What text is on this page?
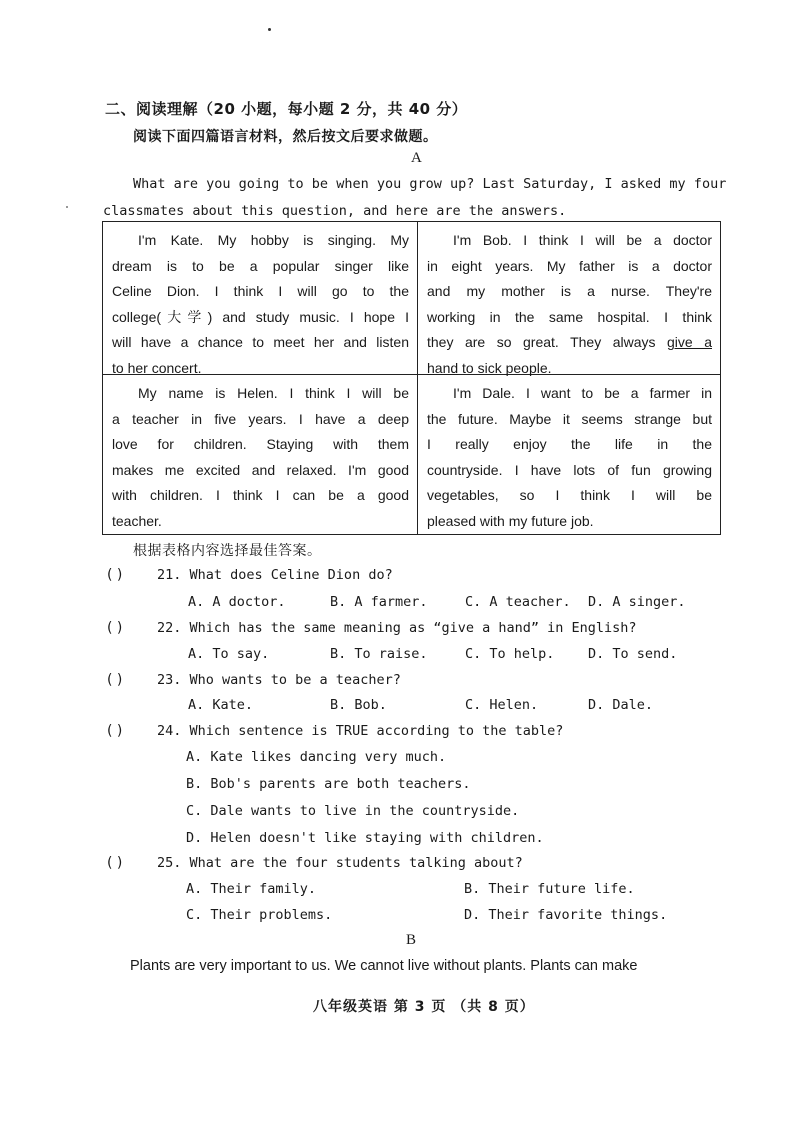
二、阅读理解（20 小题，每小题 2 分，共 40 分）
阅读下面四篇语言材料，然后按文后要求做题。
A
What are you going to be when you grow up? Last Saturday, I asked my four
classmates about this question, and here are the answers.
I'm Kate. My hobby is singing. My
dream is to be a popular singer like
Celine Dion. I think I will go to the
college(大学) and study music. I hope I
will have a chance to meet her and listen
to her concert.
I'm Bob. I think I will be a doctor
in eight years. My father is a doctor
and my mother is a nurse. They're
working in the same hospital. I think
they are so great. They always give a
hand to sick people.
My name is Helen. I think I will be
a teacher in five years. I have a deep
love for children. Staying with them
makes me excited and relaxed. I'm good
with children. I think I can be a good
teacher.
I'm Dale. I want to be a farmer in
the future. Maybe it seems strange but
I really enjoy the life in the
countryside. I have lots of fun growing
vegetables, so I think I will be
pleased with my future job.
根据表格内容选择最佳答案。
( )	21. What does Celine Dion do?
A. A doctor.	B. A farmer.	C. A teacher. D. A singer.
( )	22. Which has the same meaning as “give a hand” in English?
A. To say.	B. To raise.	C. To help. D. To send.
( )	23. Who wants to be a teacher?
A. Kate.	B. Bob.	C. Helen.	D. Dale.
( )	24. Which sentence is TRUE according to the table?
A. Kate likes dancing very much.
B. Bob's parents are both teachers.
C. Dale wants to live in the countryside.
D. Helen doesn't like staying with children.
( )	25. What are the four students talking about?
A. Their family.	B. Their future life.
C. Their problems.	D. Their favorite things.
B
Plants are very important to us. We cannot live without plants. Plants can make
八年级英语 第 3 页 （共 8 页）
